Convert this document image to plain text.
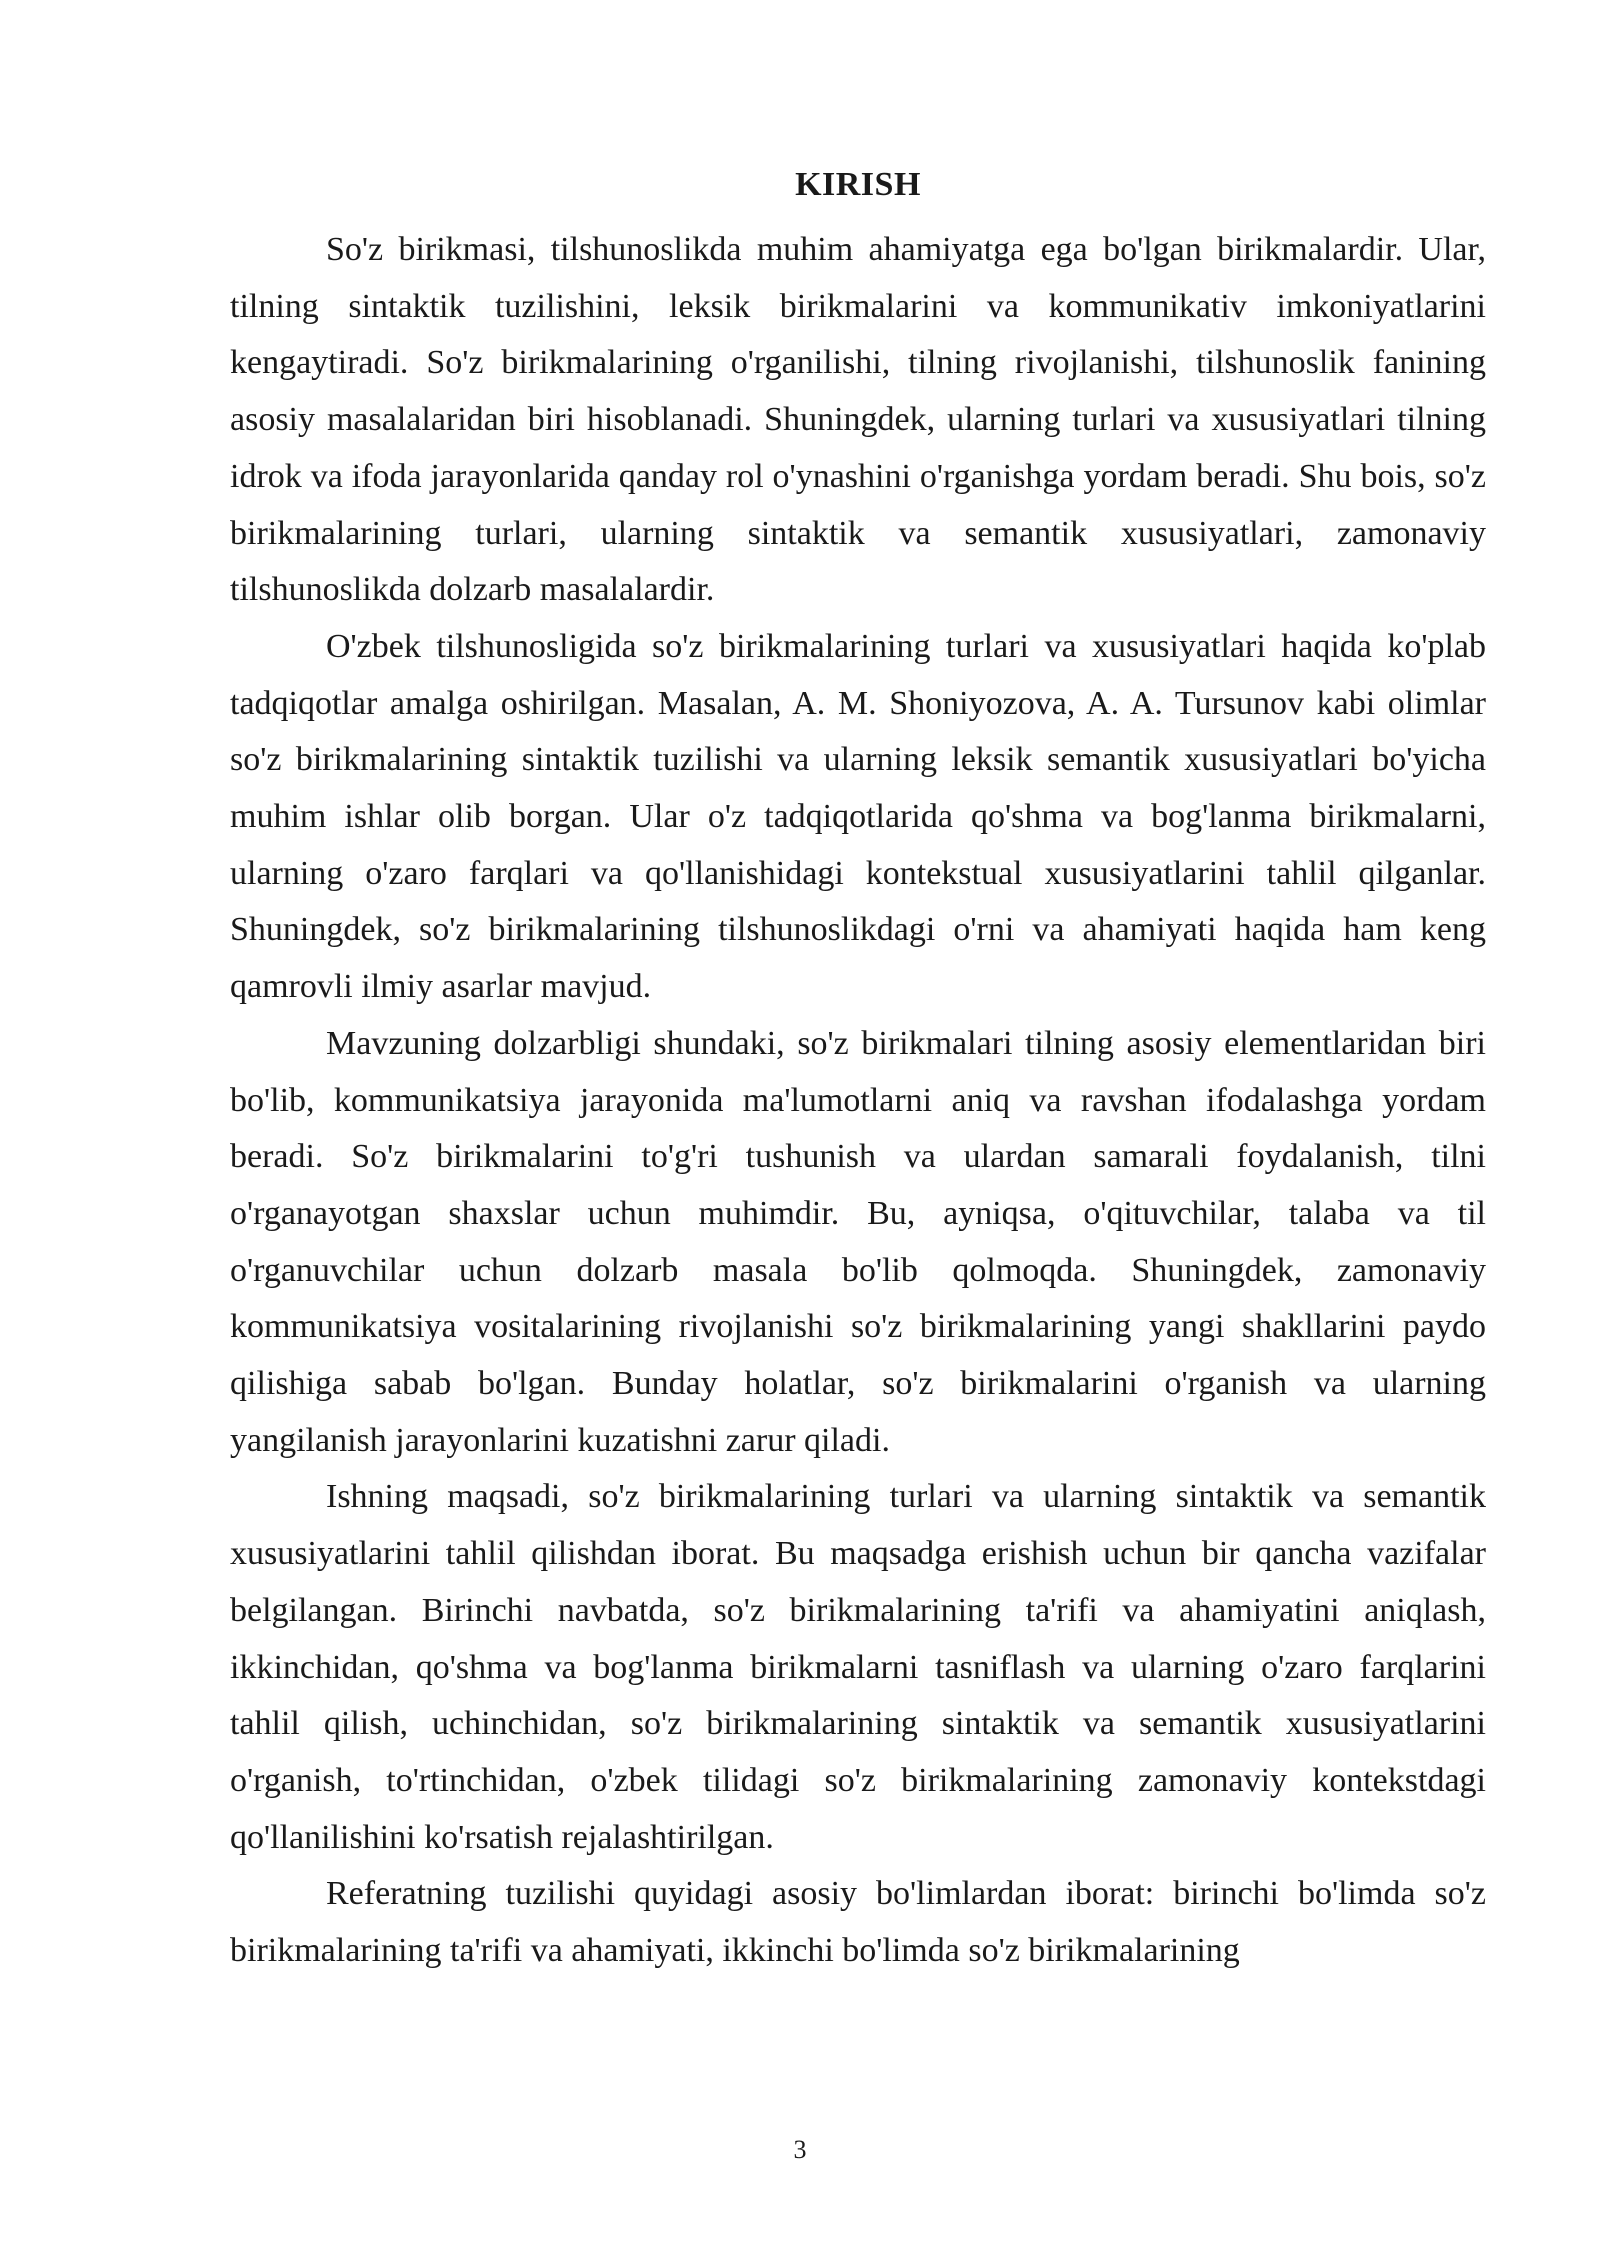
KIRISH

So'z birikmasi, tilshunoslikda muhim ahamiyatga ega bo'lgan birikmalardir. Ular, tilning sintaktik tuzilishini, leksik birikmalarini va kommunikativ imkoniyatlarini kengaytiradi. So'z birikmalarining o'rganilishi, tilning rivojlanishi, tilshunoslik fanining asosiy masalalaridan biri hisoblanadi. Shuningdek, ularning turlari va xususiyatlari tilning idrok va ifoda jarayonlarida qanday rol o'ynashini o'rganishga yordam beradi. Shu bois, so'z birikmalarining turlari, ularning sintaktik va semantik xususiyatlari, zamonaviy tilshunoslikda dolzarb masalalardir.

O'zbek tilshunosligida so'z birikmalarining turlari va xususiyatlari haqida ko'plab tadqiqotlar amalga oshirilgan. Masalan, A. M. Shoniyozova, A. A. Tursunov kabi olimlar so'z birikmalarining sintaktik tuzilishi va ularning leksik semantik xususiyatlari bo'yicha muhim ishlar olib borgan. Ular o'z tadqiqotlarida qo'shma va bog'lanma birikmalarni, ularning o'zaro farqlari va qo'llanishidagi kontekstual xususiyatlarini tahlil qilganlar. Shuningdek, so'z birikmalarining tilshunoslikdagi o'rni va ahamiyati haqida ham keng qamrovli ilmiy asarlar mavjud.

Mavzuning dolzarbligi shundaki, so'z birikmalari tilning asosiy elementlaridan biri bo'lib, kommunikatsiya jarayonida ma'lumotlarni aniq va ravshan ifodalashga yordam beradi. So'z birikmalarini to'g'ri tushunish va ulardan samarali foydalanish, tilni o'rganayotgan shaxslar uchun muhimdir. Bu, ayniqsa, o'qituvchilar, talaba va til o'rganuvchilar uchun dolzarb masala bo'lib qolmoqda. Shuningdek, zamonaviy kommunikatsiya vositalarining rivojlanishi so'z birikmalarining yangi shakllarini paydo qilishiga sabab bo'lgan. Bunday holatlar, so'z birikmalarini o'rganish va ularning yangilanish jarayonlarini kuzatishni zarur qiladi.

Ishning maqsadi, so'z birikmalarining turlari va ularning sintaktik va semantik xususiyatlarini tahlil qilishdan iborat. Bu maqsadga erishish uchun bir qancha vazifalar belgilangan. Birinchi navbatda, so'z birikmalarining ta'rifi va ahamiyatini aniqlash, ikkinchidan, qo'shma va bog'lanma birikmalarni tasniflash va ularning o'zaro farqlarini tahlil qilish, uchinchidan, so'z birikmalarining sintaktik va semantik xususiyatlarini o'rganish, to'rtinchidan, o'zbek tilidagi so'z birikmalarining zamonaviy kontekstdagi qo'llanilishini ko'rsatish rejalashtirilgan.

Referatning tuzilishi quyidagi asosiy bo'limlardan iborat: birinchi bo'limda so'z birikmalarining ta'rifi va ahamiyati, ikkinchi bo'limda so'z birikmalarining

3
